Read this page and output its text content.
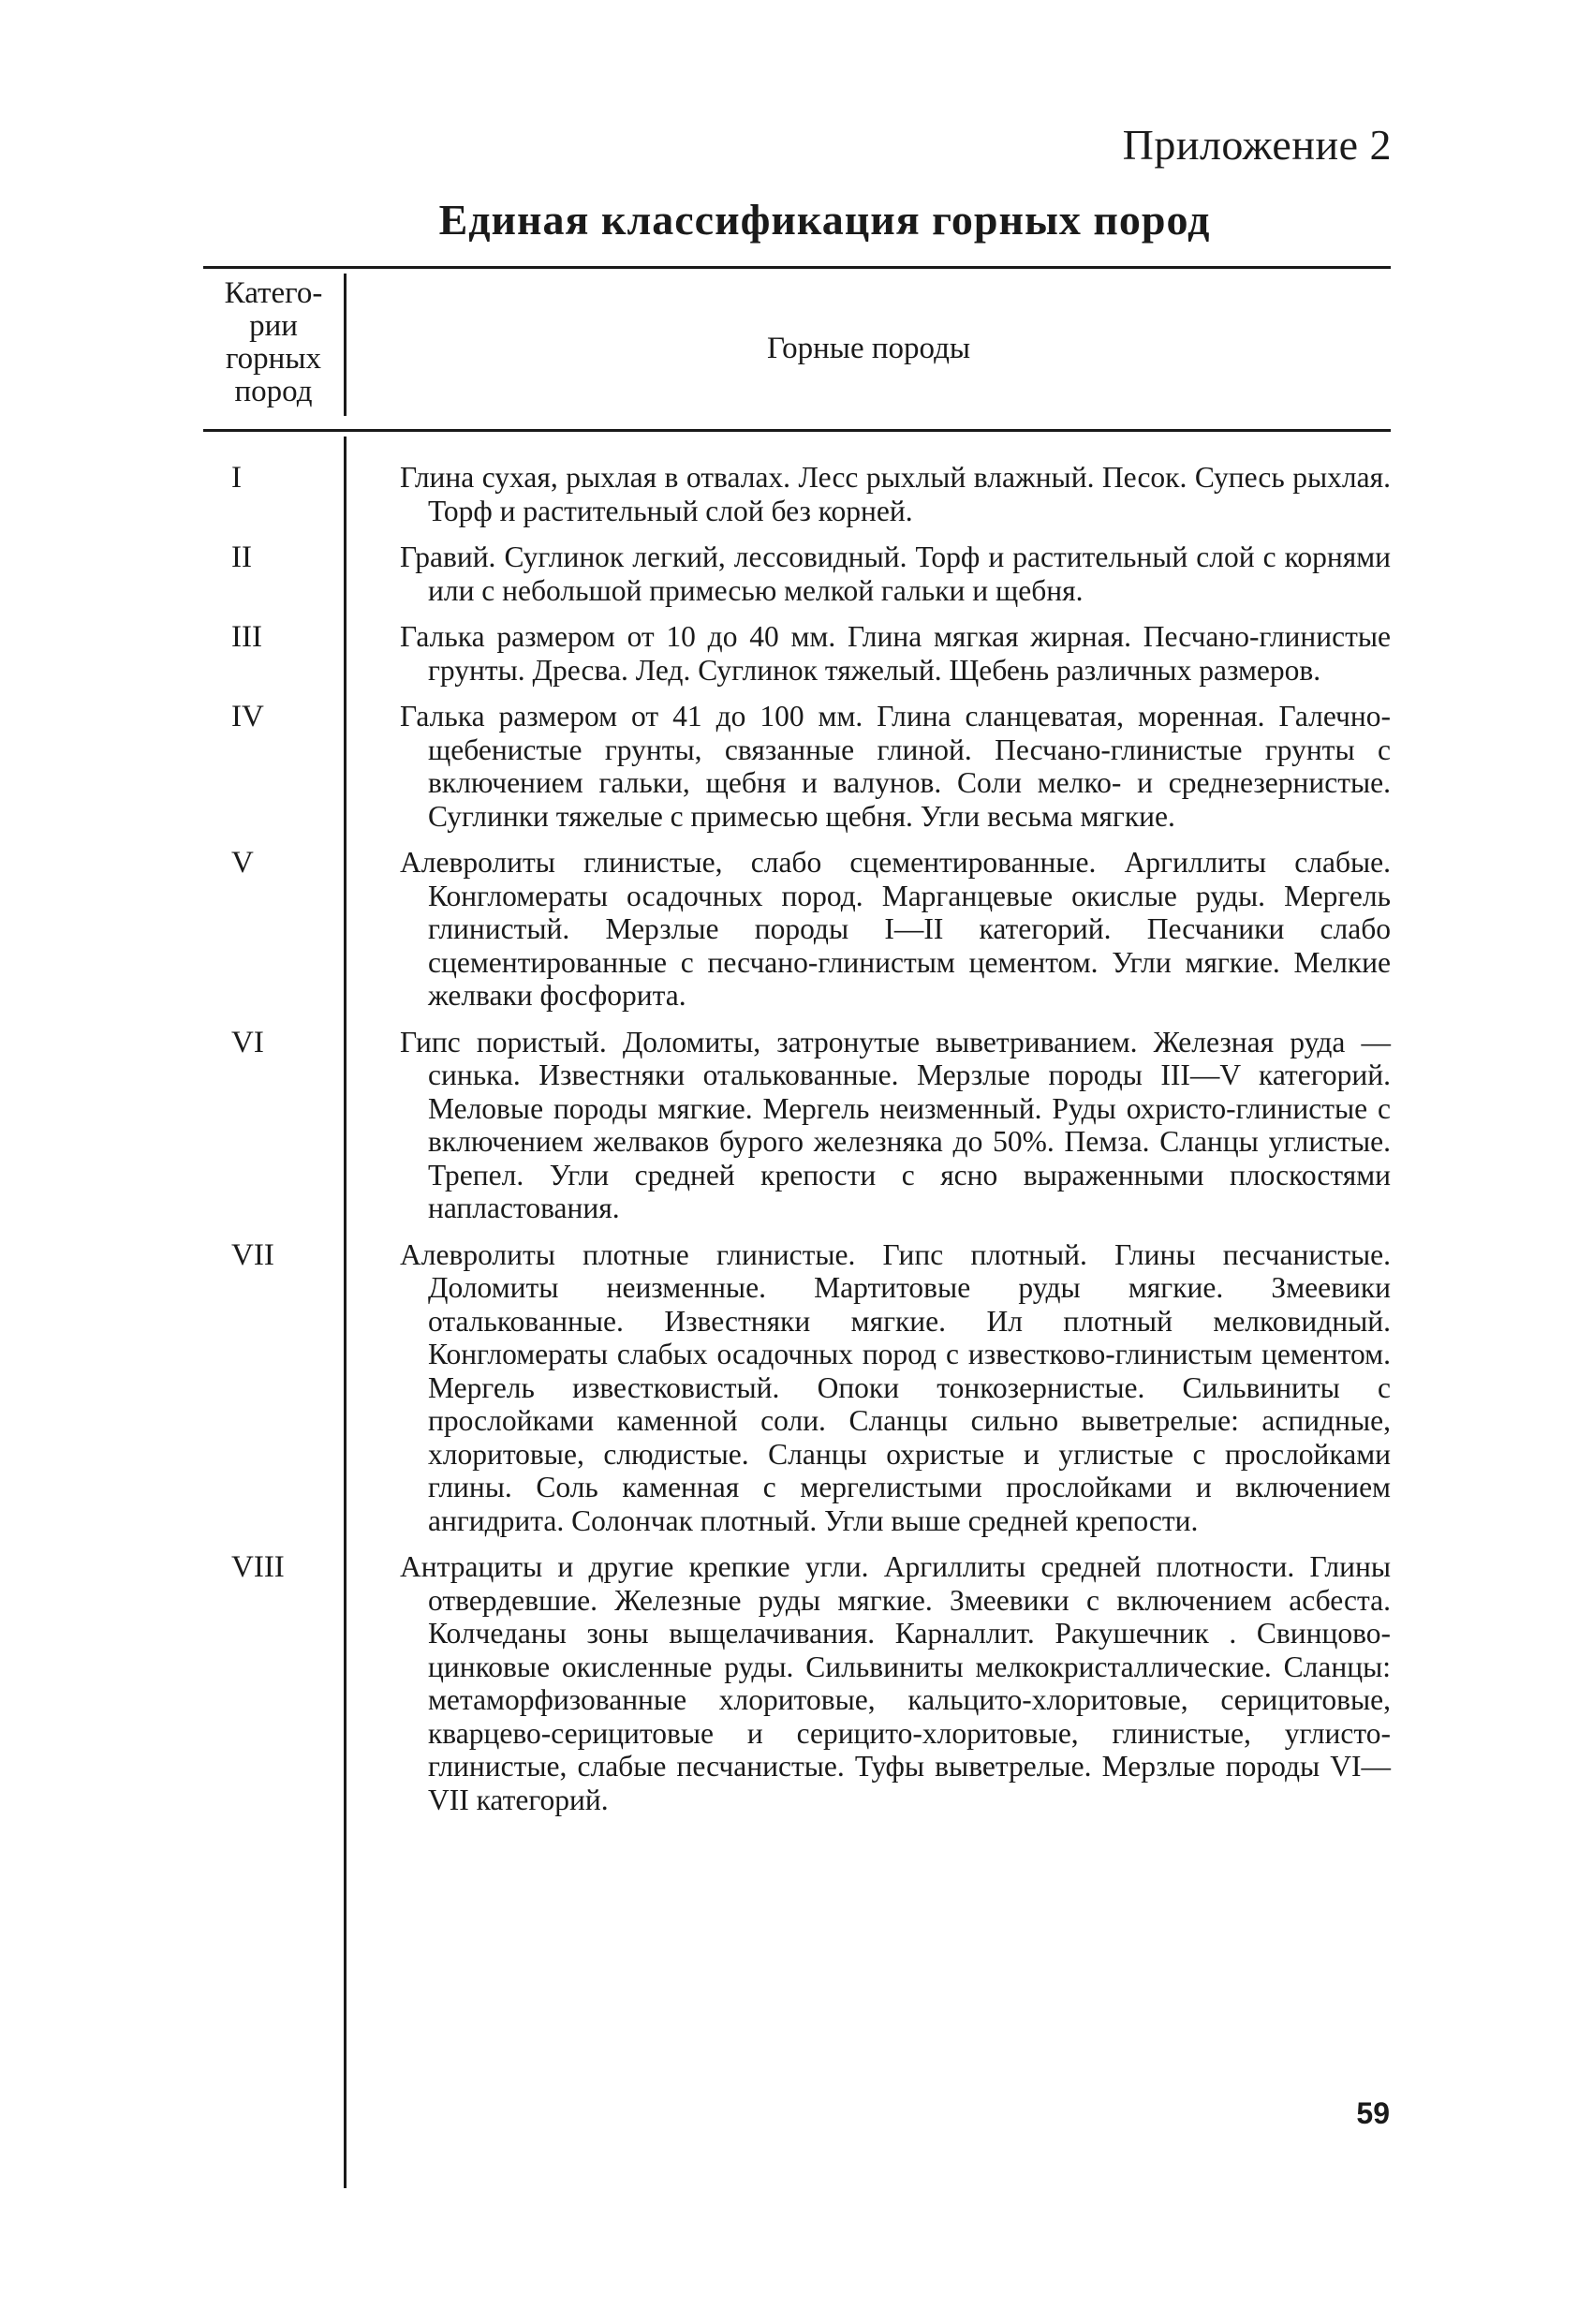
Приложение 2
Единая классификация горных пород
Катего-
рии
горных
пород
Горные породы
I	Глина сухая, рыхлая в отвалах. Лесс рыхлый влажный. Песок. Супесь рыхлая. Торф и растительный слой без корней.

II	Гравий. Суглинок легкий, лессовидный. Торф и растительный слой с корнями или с небольшой примесью мелкой гальки и щебня.

III	Галька размером от 10 до 40 мм. Глина мягкая жирная. Песчано-глинистые грунты. Дресва. Лед. Суглинок тяжелый. Щебень различных размеров.

IV	Галька размером от 41 до 100 мм. Глина сланцеватая, моренная. Галечно-щебенистые грунты, связанные глиной. Песчано-глинистые грунты с включением гальки, щебня и валунов. Соли мелко- и среднезернистые. Суглинки тяжелые с примесью щебня. Угли весьма мягкие.

V	Алевролиты глинистые, слабо сцементированные. Аргиллиты слабые. Конгломераты осадочных пород. Марганцевые окислые руды. Мергель глинистый. Мерзлые породы I—II категорий. Песчаники слабо сцементированные с песчано-глинистым цементом. Угли мягкие. Мелкие желваки фосфорита.

VI	Гипс пористый. Доломиты, затронутые выветриванием. Железная руда — синька. Известняки отальковaнные. Мерзлые породы III—V категорий. Меловые породы мягкие. Мергель неизменный. Руды охристо-глинистые с включением желваков бурого железняка до 50%. Пемза. Сланцы углистые. Трепел. Угли средней крепости с ясно выраженными плоскостями напластования.

VII	Алевролиты плотные глинистые. Гипс плотный. Глины песчанистые. Доломиты неизменные. Мартитовые руды мягкие. Змеевики отальковaнные. Известняки мягкие. Ил плотный мелковидный. Конгломераты слабых осадочных пород с известково-глинистым цементом. Мергель известковистый. Опоки тонкозернистые. Сильвиниты с прослойками каменной соли. Сланцы сильно выветрелые: аспидные, хлоритовые, слюдистые. Сланцы охристые и углистые с прослойками глины. Соль каменная с мергелистыми прослойками и включением ангидрита. Солончак плотный. Угли выше средней крепости.

VIII	Антрациты и другие крепкие угли. Аргиллиты средней плотности. Глины отвердевшие. Железные руды мягкие. Змеевики с включением асбеста. Колчеданы зоны выщелачивания. Карналлит. Ракушечник . Свинцово-цинковые окисленные руды. Сильвиниты мелкокристаллические. Сланцы: метаморфизованные хлоритовые, кальцито-хлоритовые, серицитовые, кварцево-серицитовые и серицито-хлоритовые, глинистые, углисто-глинистые, слабые песчанистые. Туфы выветрелые. Мерзлые породы VI—VII категорий.

59
